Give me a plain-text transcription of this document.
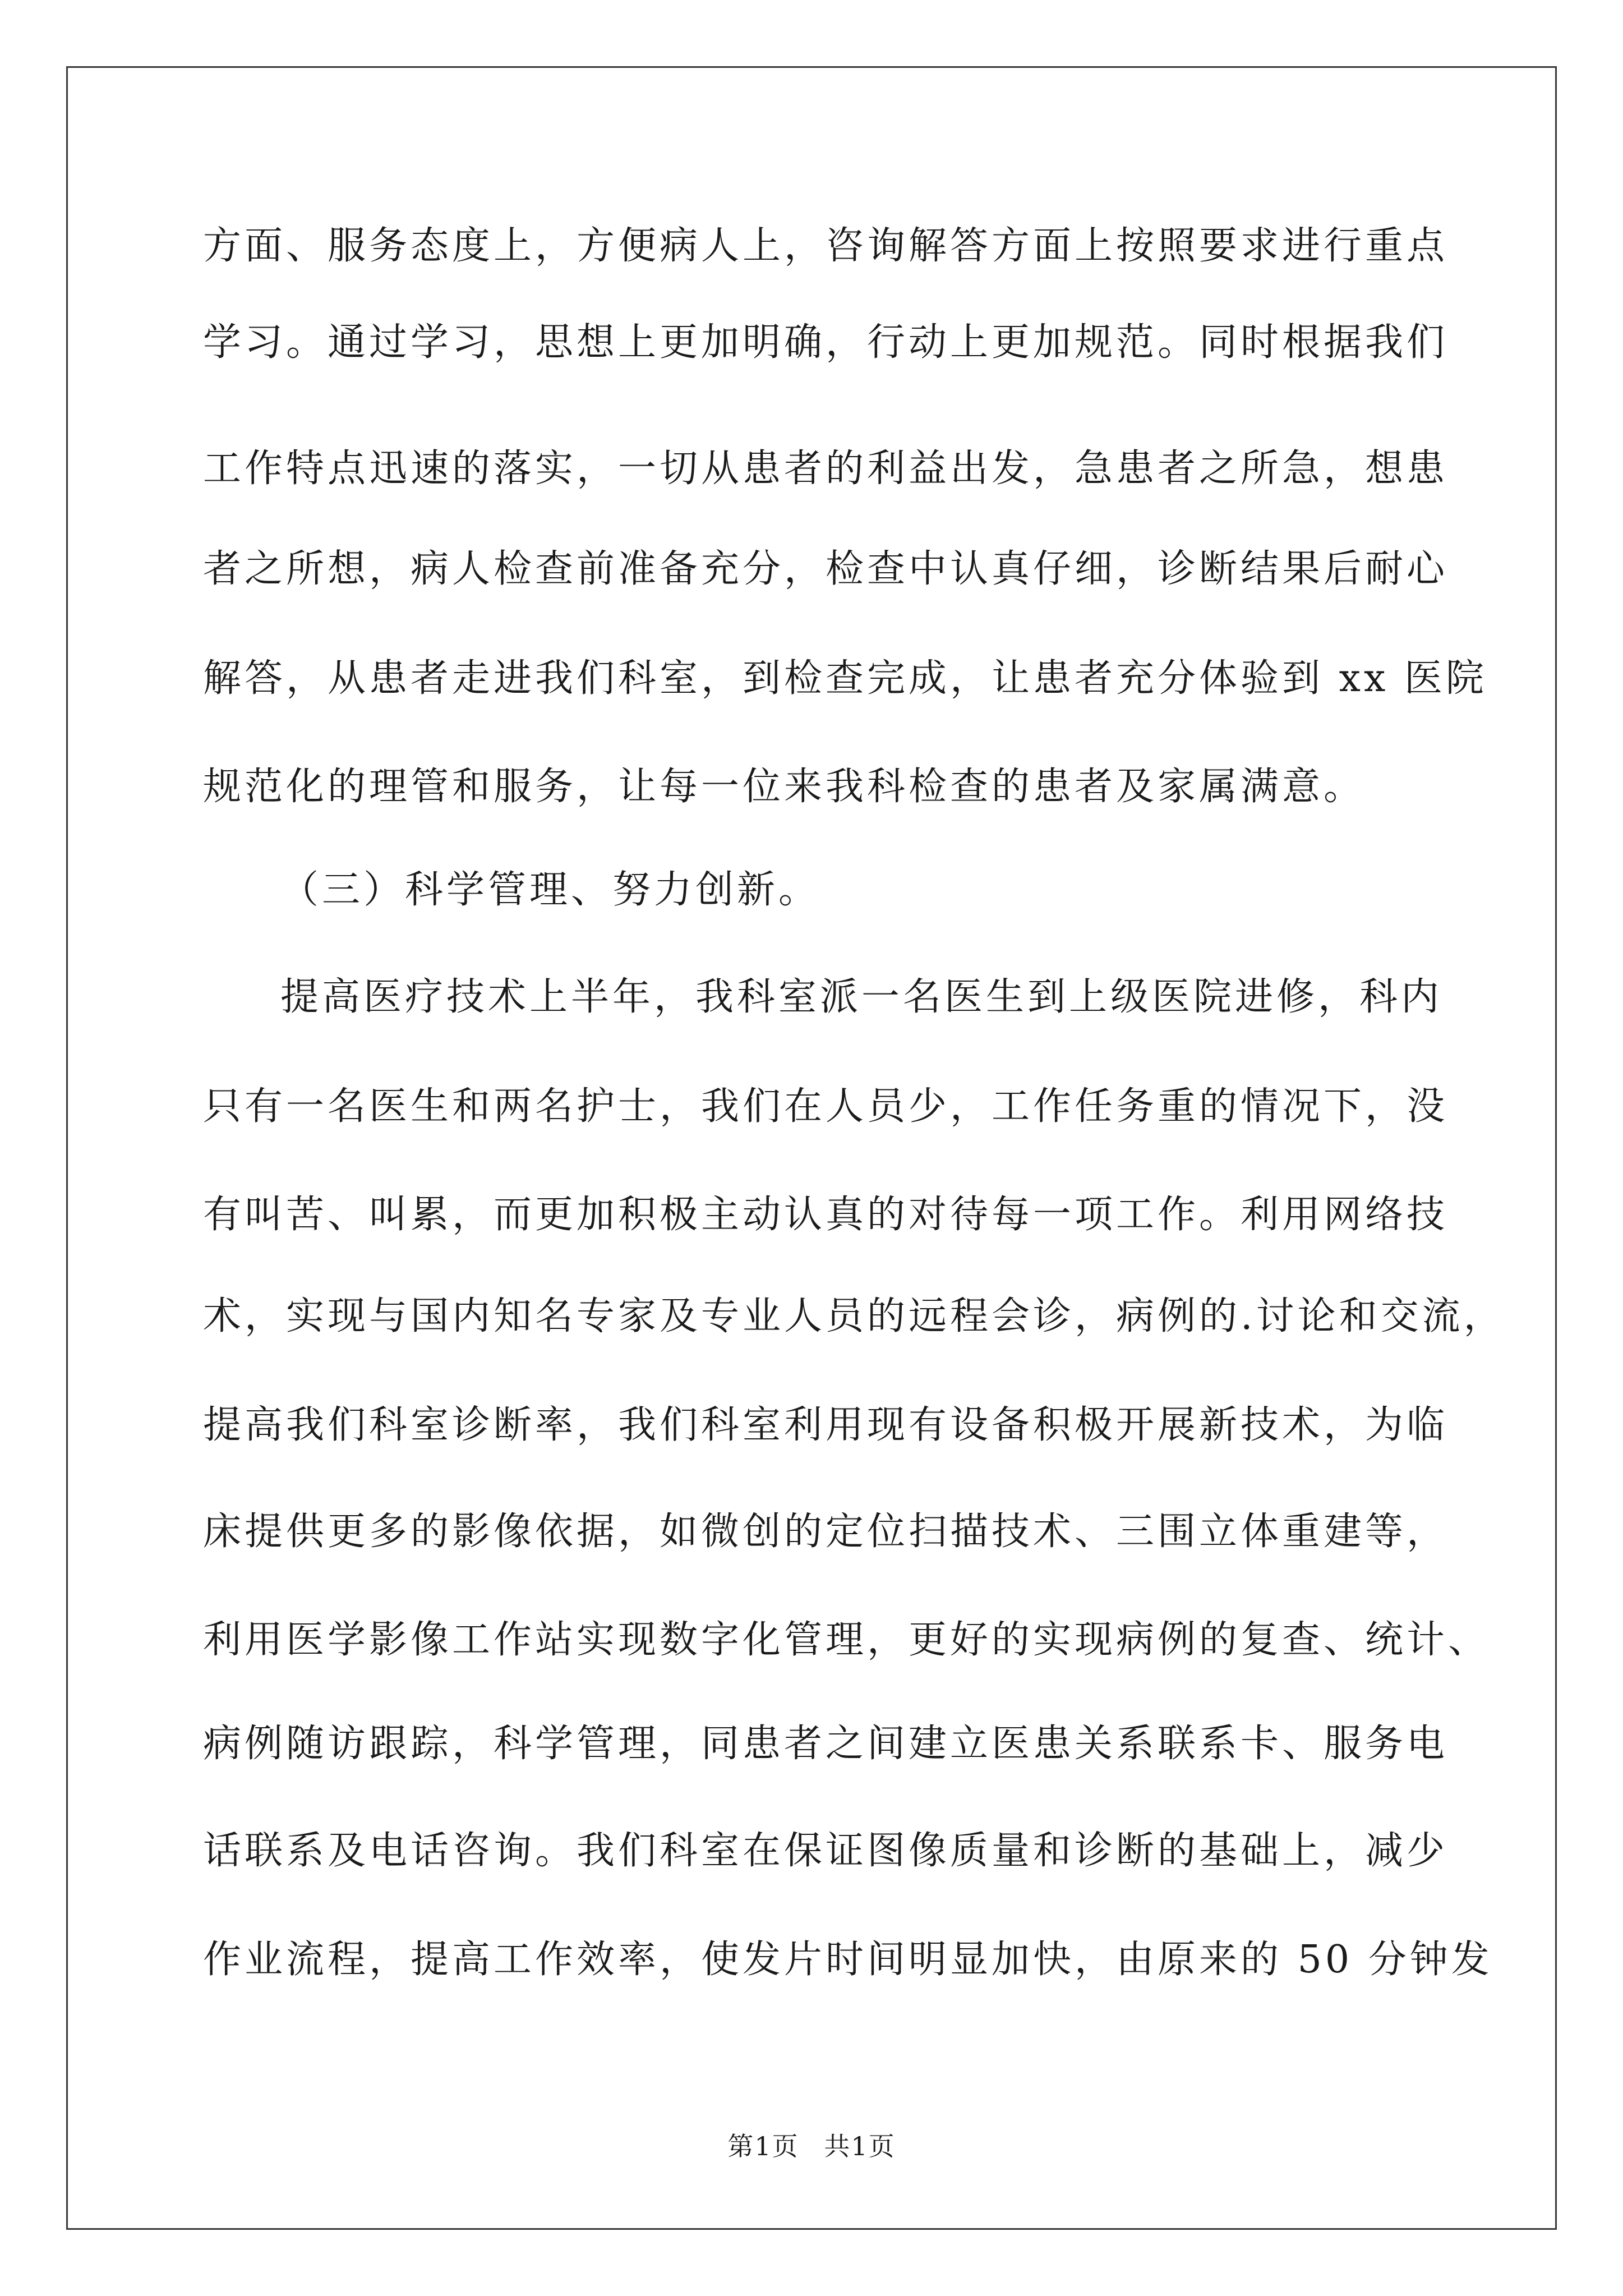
方面、服务态度上，方便病人上，咨询解答方面上按照要求进行重点
学习。通过学习，思想上更加明确，行动上更加规范。同时根据我们
工作特点迅速的落实，一切从患者的利益出发，急患者之所急，想患
者之所想，病人检查前准备充分，检查中认真仔细，诊断结果后耐心
解答，从患者走进我们科室，到检查完成，让患者充分体验到 xx 医院
规范化的理管和服务，让每一位来我科检查的患者及家属满意。
（三）科学管理、努力创新。
提高医疗技术上半年，我科室派一名医生到上级医院进修，科内
只有一名医生和两名护士，我们在人员少，工作任务重的情况下，没
有叫苦、叫累，而更加积极主动认真的对待每一项工作。利用网络技
术，实现与国内知名专家及专业人员的远程会诊，病例的.讨论和交流，
提高我们科室诊断率，我们科室利用现有设备积极开展新技术，为临
床提供更多的影像依据，如微创的定位扫描技术、三围立体重建等，
利用医学影像工作站实现数字化管理，更好的实现病例的复查、统计、
病例随访跟踪，科学管理，同患者之间建立医患关系联系卡、服务电
话联系及电话咨询。我们科室在保证图像质量和诊断的基础上，减少
作业流程，提高工作效率，使发片时间明显加快，由原来的 50 分钟发
第1页 共1页
